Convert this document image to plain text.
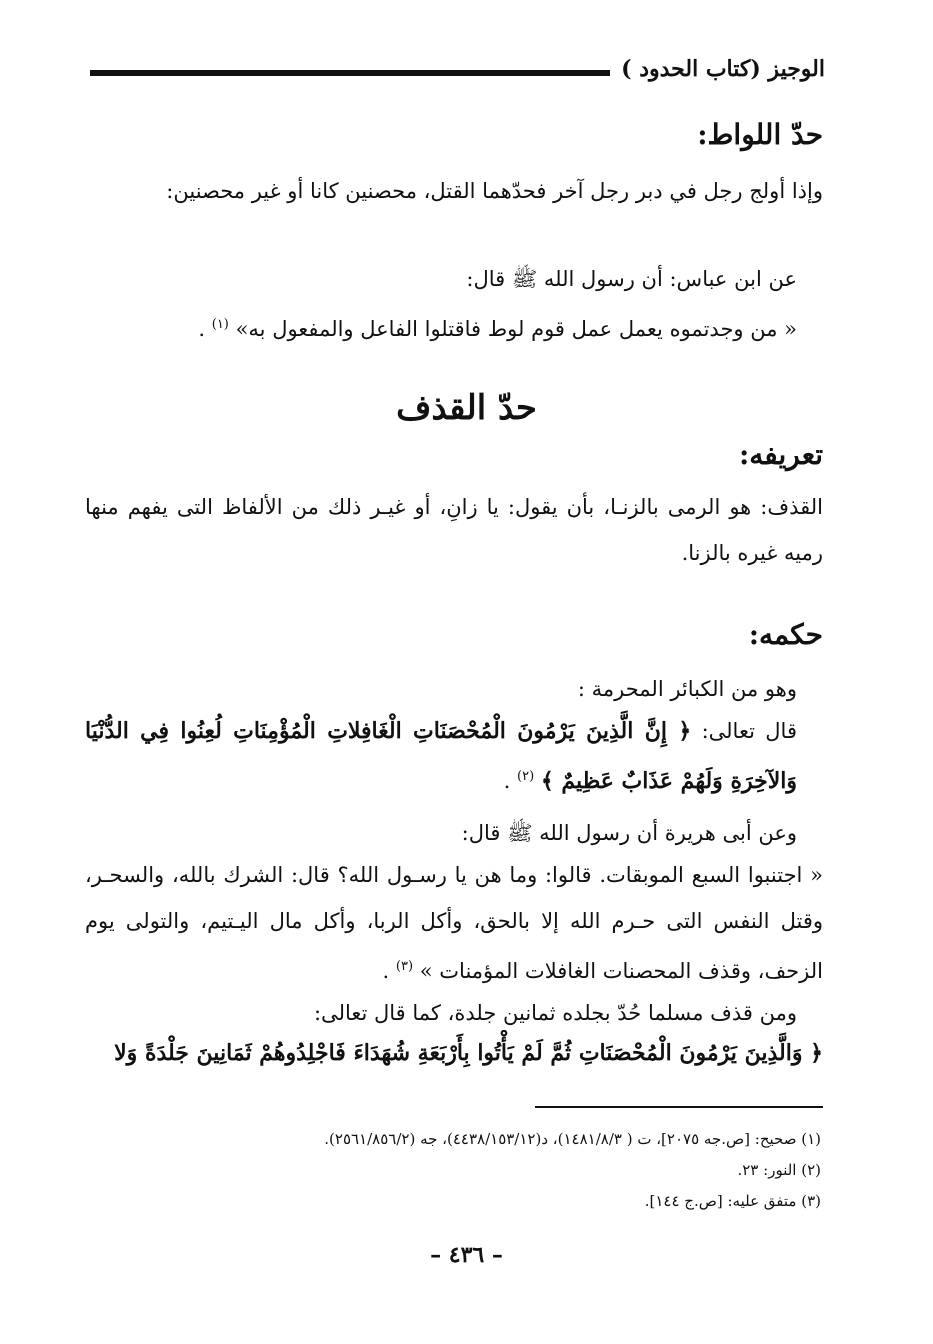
الوجيز (كتاب الحدود )
حدّ اللواط:
وإذا أولج رجل في دبر رجل آخر فحدّهما القتل، محصنين كانا أو غير محصنين:
عن ابن عباس: أن رسول الله ﷺ قال:
« من وجدتموه يعمل عمل قوم لوط فاقتلوا الفاعل والمفعول به» $^{(١)}$ .
حدّ القذف
تعريفه:
القذف: هو الرمى بالزنـا، بأن يقول: يا زانِ، أو غيـر ذلك من الألفاظ التى يفهم منها رميه غيره بالزنا.
حكمه:
وهو من الكبائر المحرمة :
قال تعالى: ﴿ إِنَّ الَّذِينَ يَرْمُونَ الْمُحْصَنَاتِ الْغَافِلاتِ الْمُؤْمِنَاتِ لُعِنُوا فِي الدُّنْيَا وَالآخِرَةِ وَلَهُمْ عَذَابٌ عَظِيمٌ ﴾ $^{(٢)}$ .
وعن أبى هريرة أن رسول الله ﷺ قال:
« اجتنبوا السبع الموبقات. قالوا: وما هن يا رسـول الله؟ قال: الشرك بالله، والسحـر، وقتل النفس التى حـرم الله إلا بالحق، وأكل الربا، وأكل مال اليـتيم، والتولى يوم الزحف، وقذف المحصنات الغافلات المؤمنات » $^{(٣)}$ .
ومن قذف مسلما حُدّ بجلده ثمانين جلدة، كما قال تعالى:
﴿ وَالَّذِينَ يَرْمُونَ الْمُحْصَنَاتِ ثُمَّ لَمْ يَأْتُوا بِأَرْبَعَةِ شُهَدَاءَ فَاجْلِدُوهُمْ ثَمَانِينَ جَلْدَةً وَلا
(١) صحيح: [ص.جه ٢٠٧٥]، ت ( ١٤٨١/٨/٣)، د(٤٤٣٨/١٥٣/١٢)، جه (٢٥٦١/٨٥٦/٢).
(٢) النور: ٢٣.
(٣) متفق عليه: [ص.ج ١٤٤].
– ٤٣٦ –
